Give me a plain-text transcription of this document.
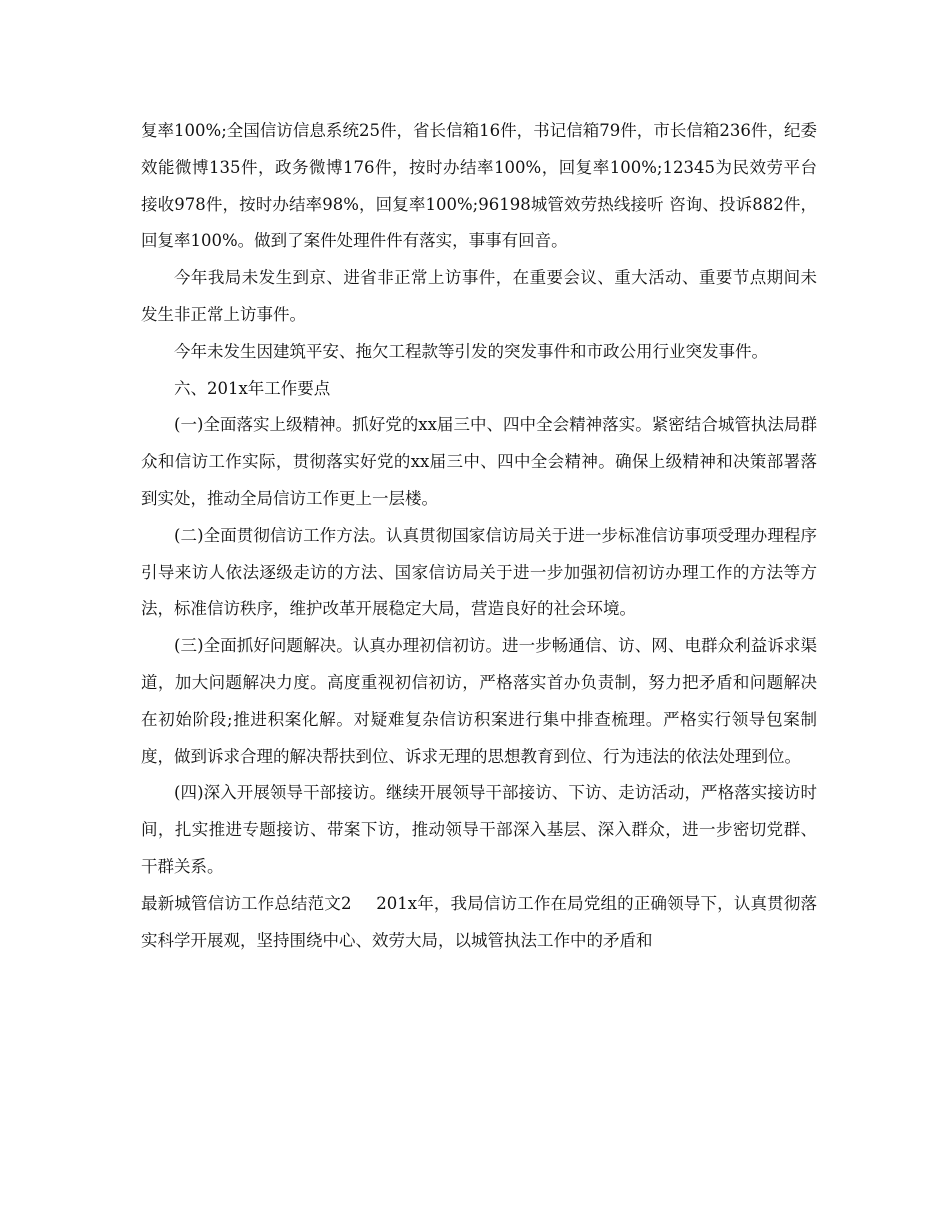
复率100%;全国信访信息系统25件，省长信箱16件，书记信箱79件，市长信箱236件，纪委效能微博135件，政务微博176件，按时办结率100%，回复率100%;12345为民效劳平台接收978件，按时办结率98%，回复率100%;96198城管效劳热线接听 咨询、投诉882件，回复率100%。做到了案件处理件件有落实，事事有回音。

今年我局未发生到京、进省非正常上访事件，在重要会议、重大活动、重要节点期间未发生非正常上访事件。

今年未发生因建筑平安、拖欠工程款等引发的突发事件和市政公用行业突发事件。

六、201x年工作要点

(一)全面落实上级精神。抓好党的xx届三中、四中全会精神落实。紧密结合城管执法局群众和信访工作实际，贯彻落实好党的xx届三中、四中全会精神。确保上级精神和决策部署落到实处，推动全局信访工作更上一层楼。

(二)全面贯彻信访工作方法。认真贯彻国家信访局关于进一步标准信访事项受理办理程序引导来访人依法逐级走访的方法、国家信访局关于进一步加强初信初访办理工作的方法等方法，标准信访秩序，维护改革开展稳定大局，营造良好的社会环境。

(三)全面抓好问题解决。认真办理初信初访。进一步畅通信、访、网、电群众利益诉求渠道，加大问题解决力度。高度重视初信初访，严格落实首办负责制，努力把矛盾和问题解决在初始阶段;推进积案化解。对疑难复杂信访积案进行集中排查梳理。严格实行领导包案制度，做到诉求合理的解决帮扶到位、诉求无理的思想教育到位、行为违法的依法处理到位。

(四)深入开展领导干部接访。继续开展领导干部接访、下访、走访活动，严格落实接访时间，扎实推进专题接访、带案下访，推动领导干部深入基层、深入群众，进一步密切党群、干群关系。

最新城管信访工作总结范文2 201x年，我局信访工作在局党组的正确领导下，认真贯彻落实科学开展观，坚持围绕中心、效劳大局，以城管执法工作中的矛盾和
